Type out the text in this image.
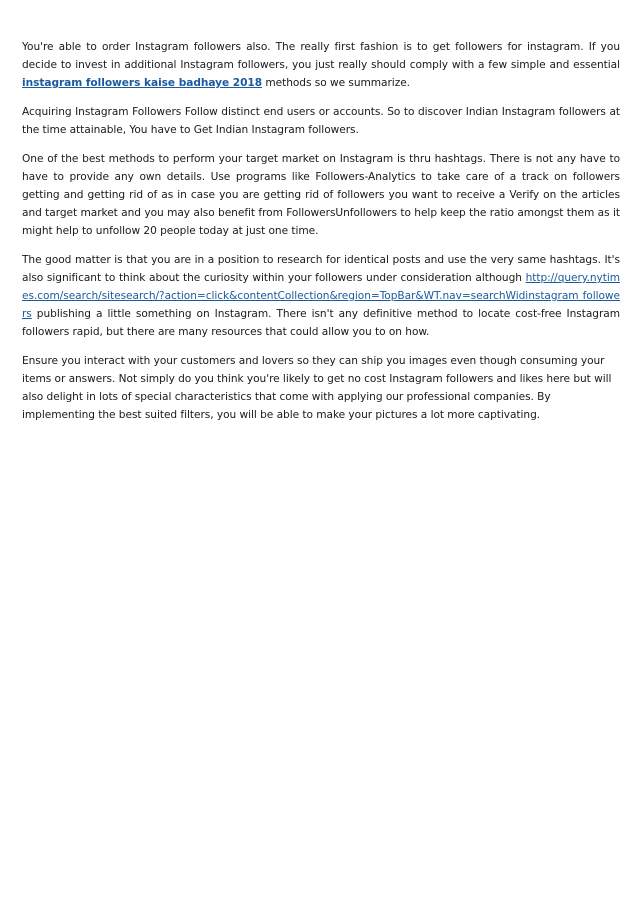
You're able to order Instagram followers also. The really first fashion is to get followers for instagram. If you decide to invest in additional Instagram followers, you just really should comply with a few simple and essential instagram followers kaise badhaye 2018 methods so we summarize.

Acquiring Instagram Followers Follow distinct end users or accounts. So to discover Indian Instagram followers at the time attainable, You have to Get Indian Instagram followers.

One of the best methods to perform your target market on Instagram is thru hashtags. There is not any have to have to provide any own details. Use programs like Followers-Analytics to take care of a track on followers getting and getting rid of as in case you are getting rid of followers you want to receive a Verify on the articles and target market and you may also benefit from FollowersUnfollowers to help keep the ratio amongst them as it might help to unfollow 20 people today at just one time.

The good matter is that you are in a position to research for identical posts and use the very same hashtags. It's also significant to think about the curiosity within your followers under consideration although http://query.nytimes.com/search/sitesearch/?action=click&contentCollection&region=TopBar&WT.nav=searchWidinstagram followers publishing a little something on Instagram. There isn't any definitive method to locate cost-free Instagram followers rapid, but there are many resources that could allow you to on how.

Ensure you interact with your customers and lovers so they can ship you images even though consuming your items or answers. Not simply do you think you're likely to get no cost Instagram followers and likes here but will also delight in lots of special characteristics that come with applying our professional companies. By implementing the best suited filters, you will be able to make your pictures a lot more captivating.
